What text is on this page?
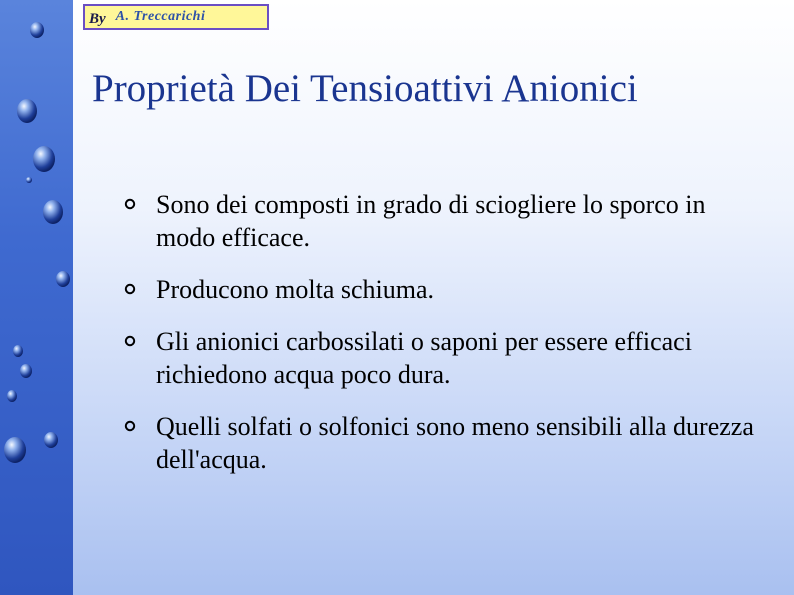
By A. Treccarichi
Proprietà Dei Tensioattivi Anionici
Sono dei composti in grado di sciogliere lo sporco in modo efficace.
Producono molta schiuma.
Gli anionici carbossilati o saponi per essere efficaci richiedono acqua poco dura.
Quelli solfati o solfonici sono meno sensibili alla durezza dell'acqua.
